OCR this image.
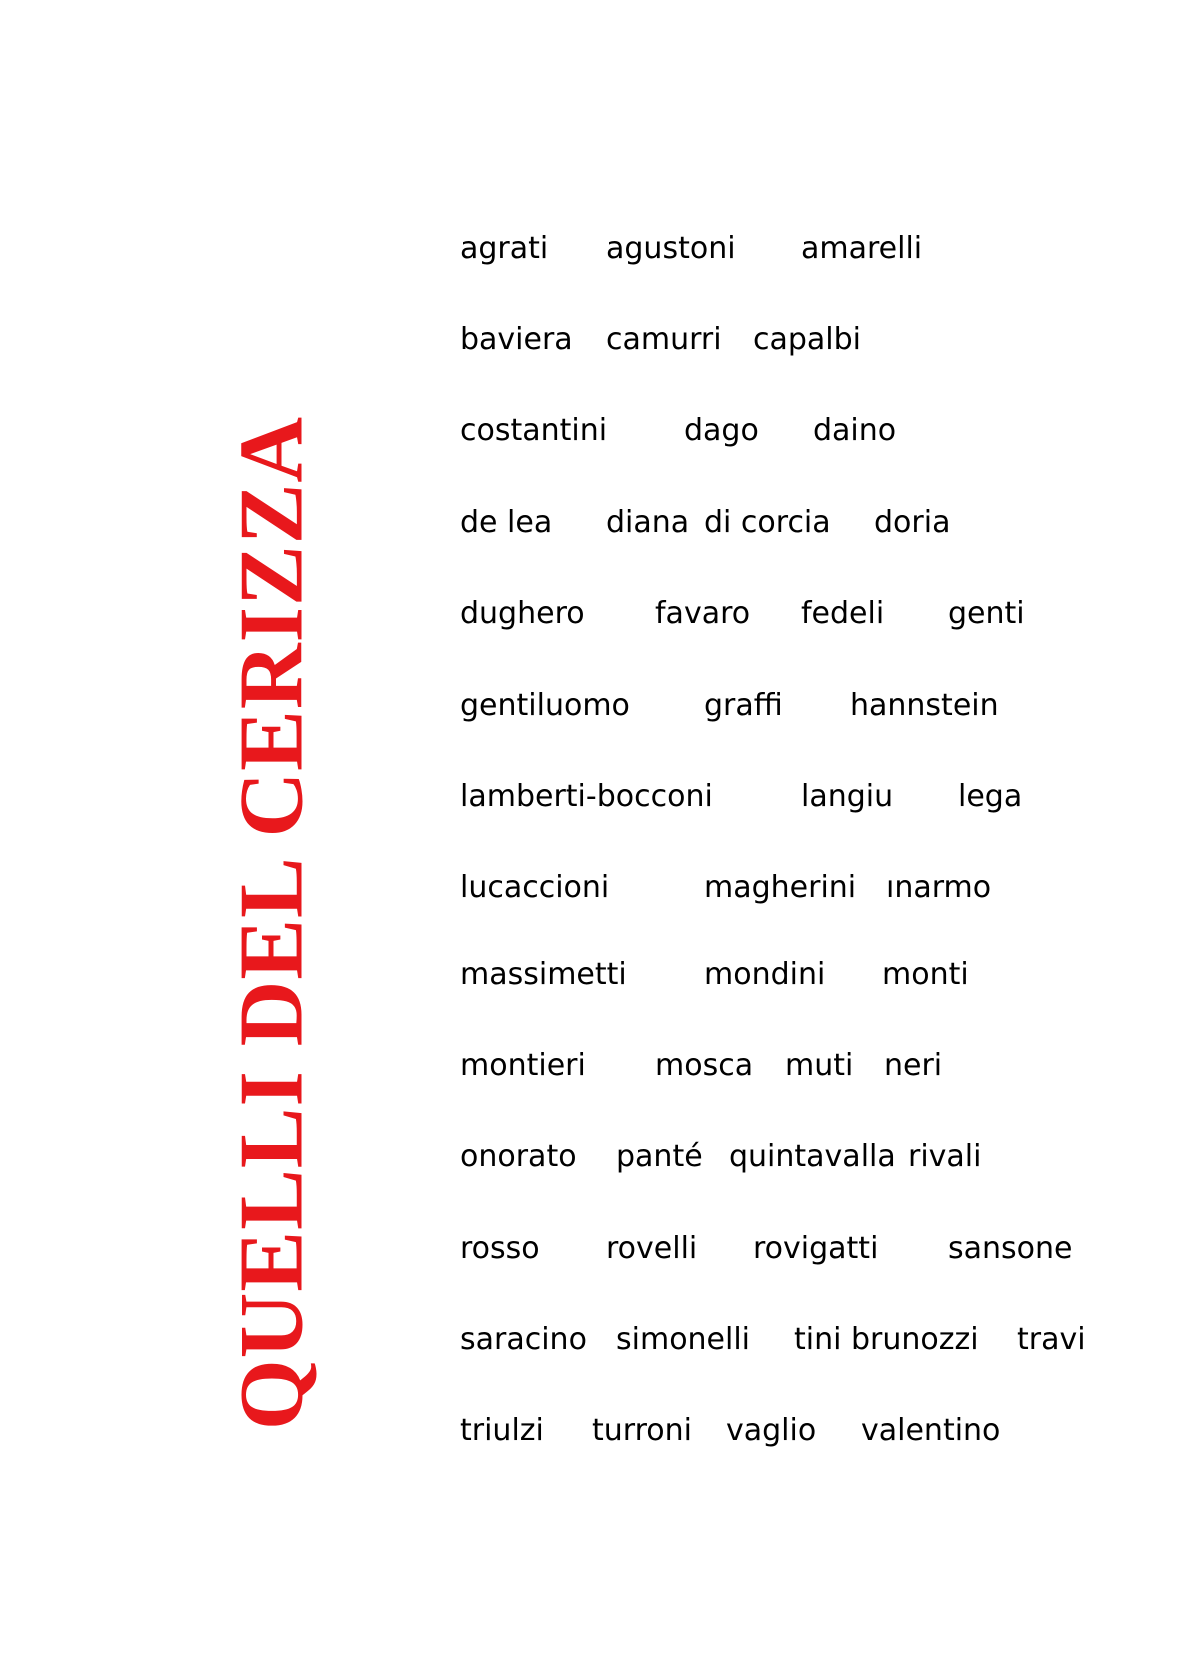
QUELLI DEL CERIZZA
agrati agustoni amarelli
baviera camurri capalbi
costantini	dago daino
de lea diana di corcia doria
dughero favaro fedeli genti
gentiluomo graffi hannstein
lamberti-bocconi	langiu lega
lucaccioni	magherini ınarmo
massimetti	mondini monti
montieri mosca muti neri
onorato panté quintavalla rivali
rosso rovelli rovigatti sansone
saracino simonelli tini brunozzi travi
triulzi turroni vaglio valentino
